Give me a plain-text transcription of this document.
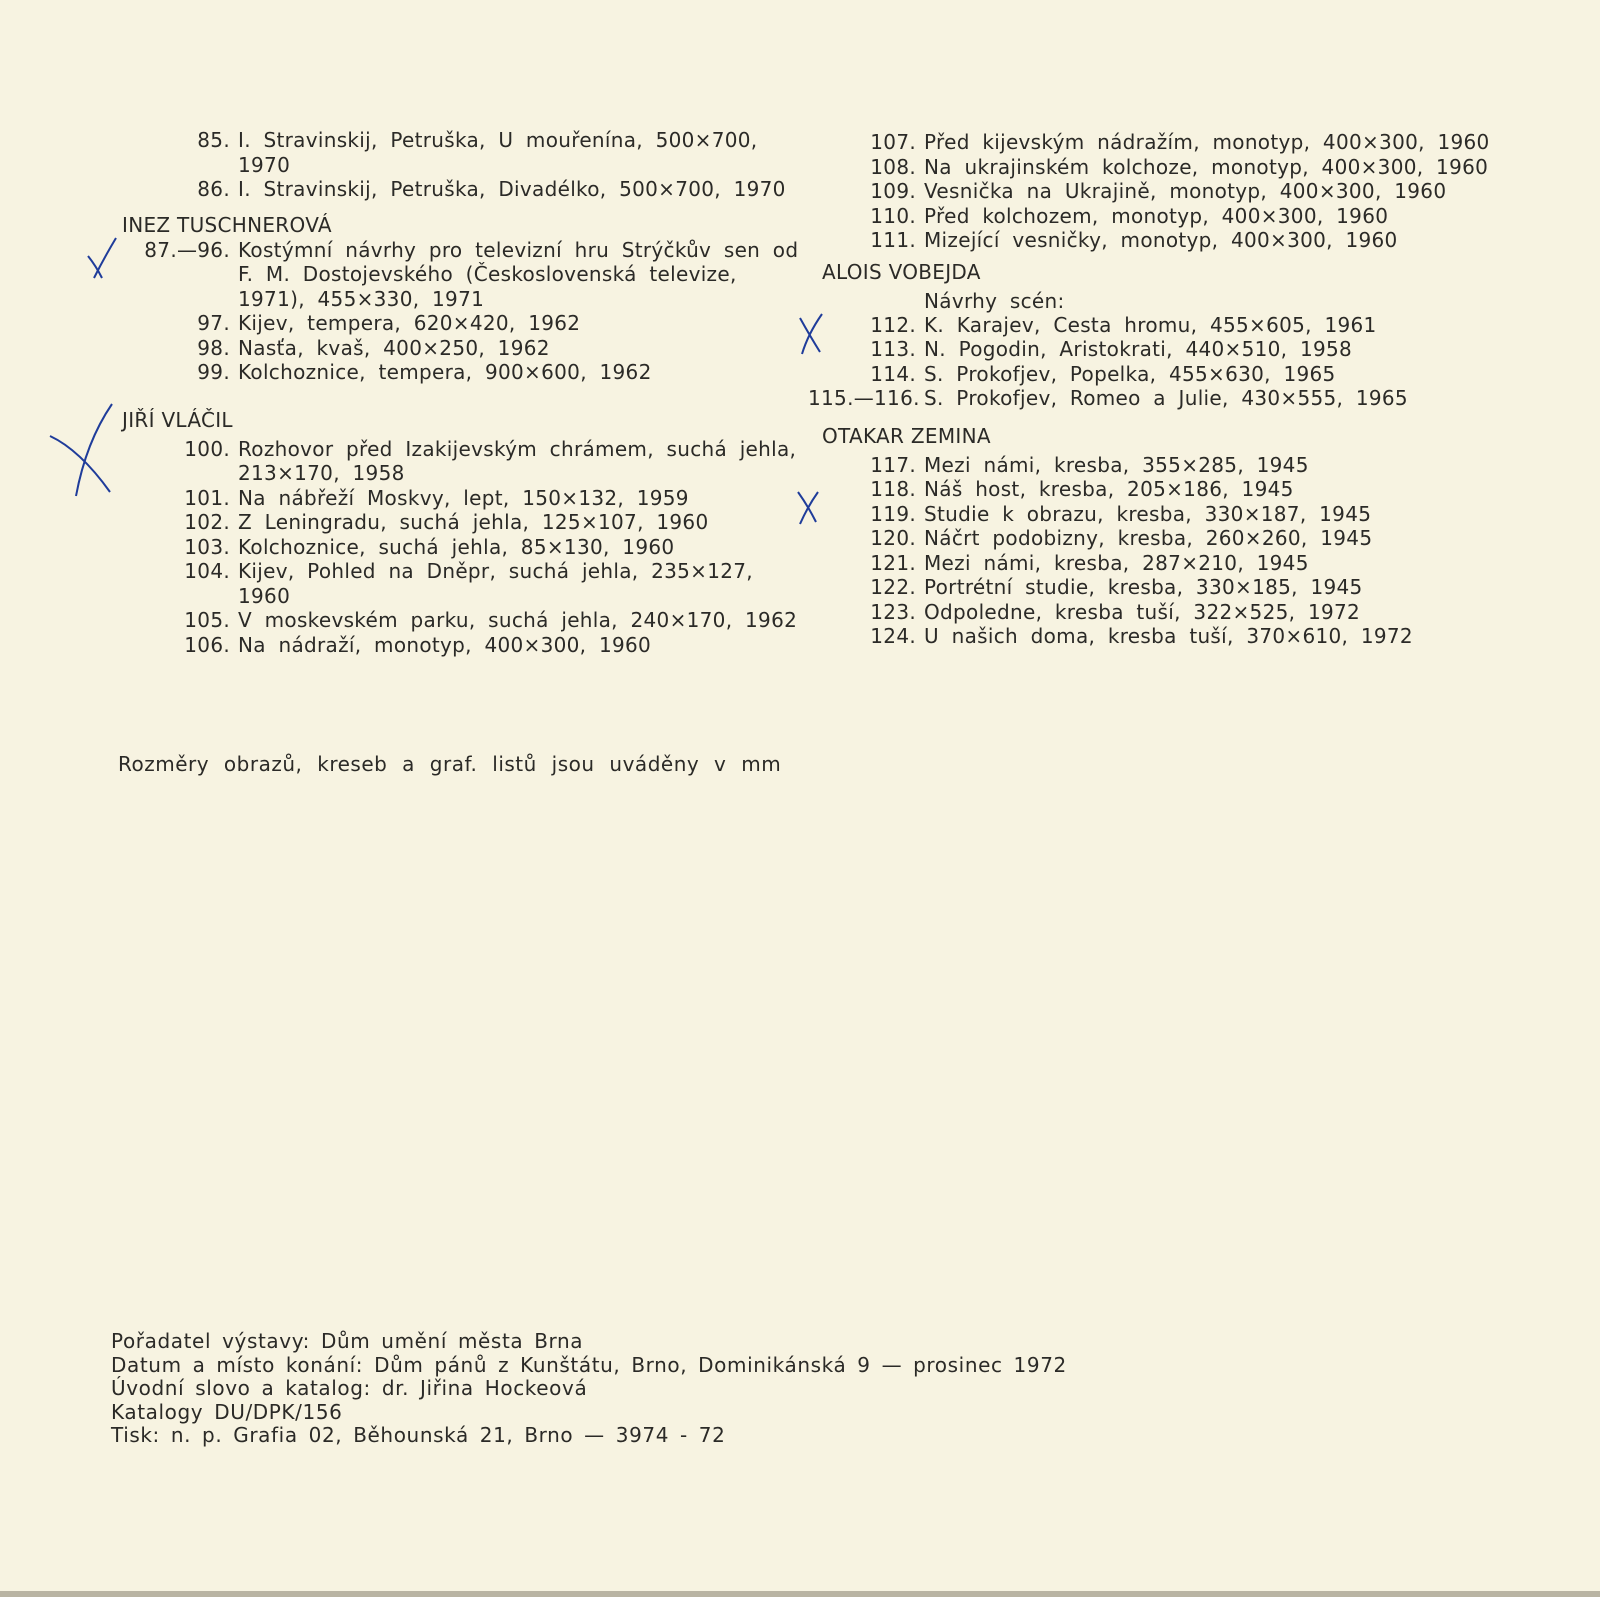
85. I. Stravinskij, Petruška, U mouřenína, 500×700, 1970
86. I. Stravinskij, Petruška, Divadélko, 500×700, 1970
INEZ TUSCHNEROVÁ
87.—96. Kostýmní návrhy pro televizní hru Strýčkův sen od F. M. Dostojevského (Československá televize, 1971), 455×330, 1971
97. Kijev, tempera, 620×420, 1962
98. Nasťa, kvaš, 400×250, 1962
99. Kolchoznice, tempera, 900×600, 1962
JIŘÍ VLÁČIL
100. Rozhovor před Izakijevským chrámem, suchá jehla, 213×170, 1958
101. Na nábřeží Moskvy, lept, 150×132, 1959
102. Z Leningradu, suchá jehla, 125×107, 1960
103. Kolchoznice, suchá jehla, 85×130, 1960
104. Kijev, Pohled na Dněpr, suchá jehla, 235×127, 1960
105. V moskevském parku, suchá jehla, 240×170, 1962
106. Na nádraží, monotyp, 400×300, 1960
107. Před kijevským nádražím, monotyp, 400×300, 1960
108. Na ukrajinském kolchoze, monotyp, 400×300, 1960
109. Vesnička na Ukrajině, monotyp, 400×300, 1960
110. Před kolchozem, monotyp, 400×300, 1960
111. Mizející vesničky, monotyp, 400×300, 1960
ALOIS VOBEJDA
Návrhy scén:
112. K. Karajev, Cesta hromu, 455×605, 1961
113. N. Pogodin, Aristokrati, 440×510, 1958
114. S. Prokofjev, Popelka, 455×630, 1965
115.—116. S. Prokofjev, Romeo a Julie, 430×555, 1965
OTAKAR ZEMINA
117. Mezi námi, kresba, 355×285, 1945
118. Náš host, kresba, 205×186, 1945
119. Studie k obrazu, kresba, 330×187, 1945
120. Náčrt podobizny, kresba, 260×260, 1945
121. Mezi námi, kresba, 287×210, 1945
122. Portrétní studie, kresba, 330×185, 1945
123. Odpoledne, kresba tuší, 322×525, 1972
124. U našich doma, kresba tuší, 370×610, 1972
Rozměry obrazů, kreseb a graf. listů jsou uváděny v mm
Pořadatel výstavy: Dům umění města Brna
Datum a místo konání: Dům pánů z Kunštátu, Brno, Dominikánská 9 — prosinec 1972
Úvodní slovo a katalog: dr. Jiřina Hockeová
Katalogy DU/DPK/156
Tisk: n. p. Grafia 02, Běhounská 21, Brno — 3974 - 72
